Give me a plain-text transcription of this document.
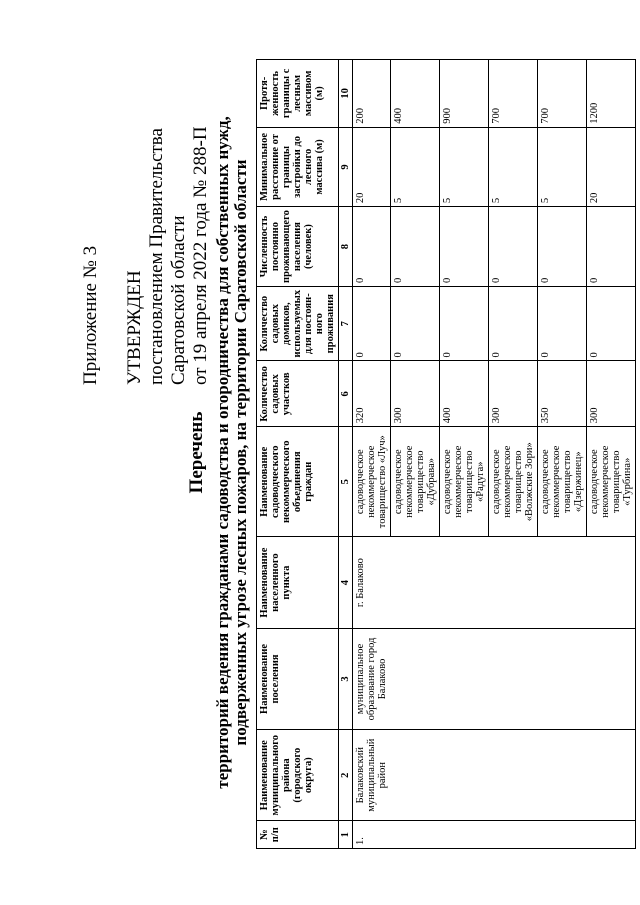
Приложение № 3 УТВЕРЖДЕН постановлением Правительства Саратовской области от 19 апреля 2022 года № 288-П
Перечень территорий ведения гражданами садоводства и огородничества для собственных нужд, подверженных угрозе лесных пожаров, на территории Саратовской области
№ п/п	Наименование муниципального района (городского округа)	Наименование поселения	Наименование населенного пункта	Наименование садоводческого некоммерческого объединения граждан	Количество садовых участков	Количество садовых домиков, используемых для постоян-ного проживания	Численность постоянно проживающего населения (человек)	Минимальное расстояние от границы застройки до лесного массива (м)	Протя-женность границы с лесным массивом (м)
1	2	3	4	5	6	7	8	9	10
1.	Балаковский муниципальный район	муниципальное образование город Балаково	г. Балаково	садоводческое некоммерческое товарищество «Луч»	320	0	0	20	200
				садоводческое некоммерческое товарищество «Дубрава»	300	0	0	5	400
				садоводческое некоммерческое товарищество «Радуга»	400	0	0	5	900
				садоводческое некоммерческое товарищество «Волжские Зори»	300	0	0	5	700
				садоводческое некоммерческое товарищество «Дзержинец»	350	0	0	5	700
				садоводческое некоммерческое товарищество «Турбина»	300	0	0	20	1200
